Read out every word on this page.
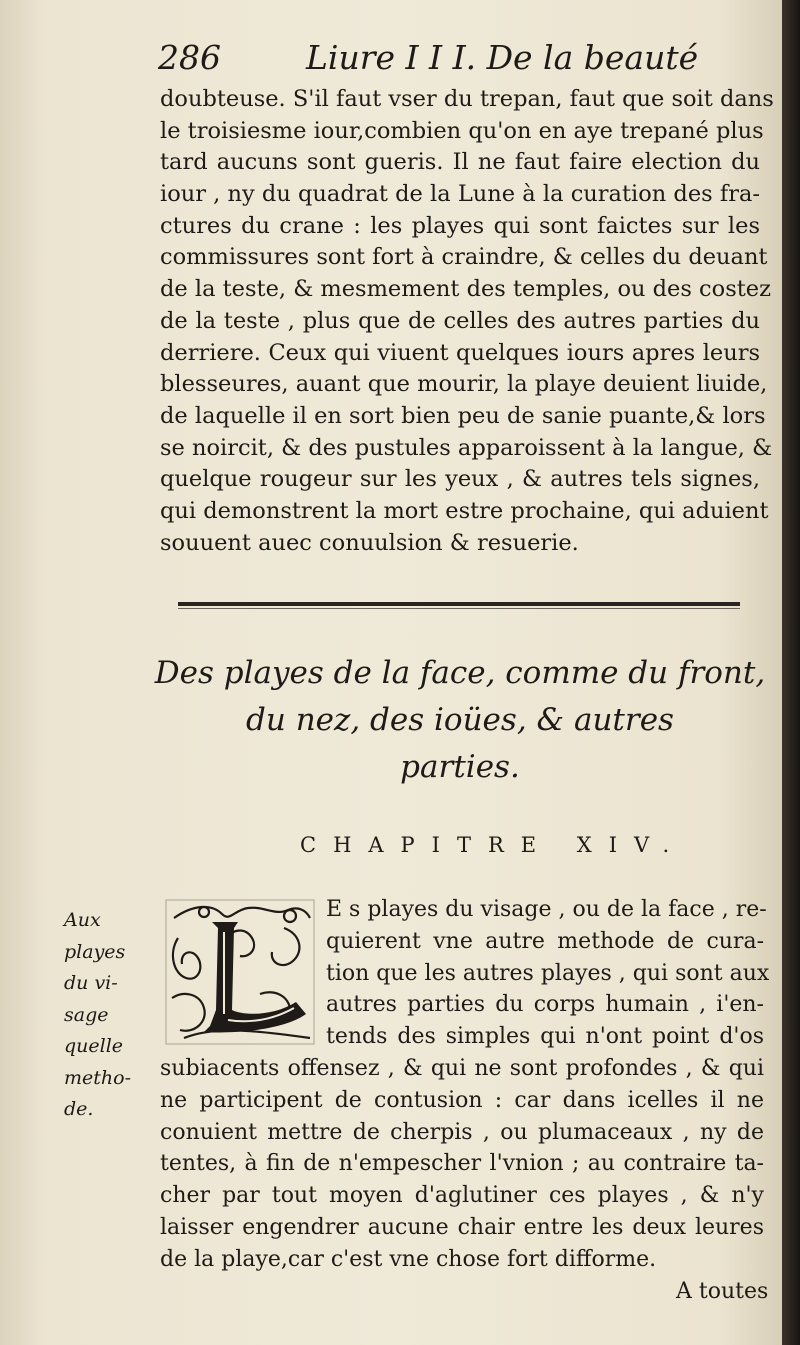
286	Liure I I I. De la beauté
doubteuse. S'il faut vser du trepan, faut que soit dans
le troisiesme iour,combien qu'on en aye trepané plus
tard aucuns sont gueris. Il ne faut faire election du
iour , ny du quadrat de la Lune à la curation des fra-
ctures du crane : les playes qui sont faictes sur les
commissures sont fort à craindre, & celles du deuant
de la teste, & mesmement des temples, ou des costez
de la teste , plus que de celles des autres parties du
derriere. Ceux qui viuent quelques iours apres leurs
blesseures, auant que mourir, la playe deuient liuide,
de laquelle il en sort bien peu de sanie puante,& lors
se noircit, & des pustules apparoissent à la langue, &
quelque rougeur sur les yeux , & autres tels signes,
qui demonstrent la mort estre prochaine, qui aduient
souuent auec conuulsion & resuerie.
Des playes de la face, comme du front,
du nez, des ioües, & autres
parties.
CHAPITRE XIV.
Aux
playes
du vi-
sage
quelle
metho-
de.
E s playes du visage , ou de la face , re-
quierent vne autre methode de cura-
tion que les autres playes , qui sont aux
autres parties du corps humain , i'en-
tends des simples qui n'ont point d'os
subiacents offensez , & qui ne sont profondes , & qui
ne participent de contusion : car dans icelles il ne
conuient mettre de cherpis , ou plumaceaux , ny de
tentes, à fin de n'empescher l'vnion ; au contraire ta-
cher par tout moyen d'aglutiner ces playes , & n'y
laisser engendrer aucune chair entre les deux leures
de la playe,car c'est vne chose fort difforme.
A toutes
